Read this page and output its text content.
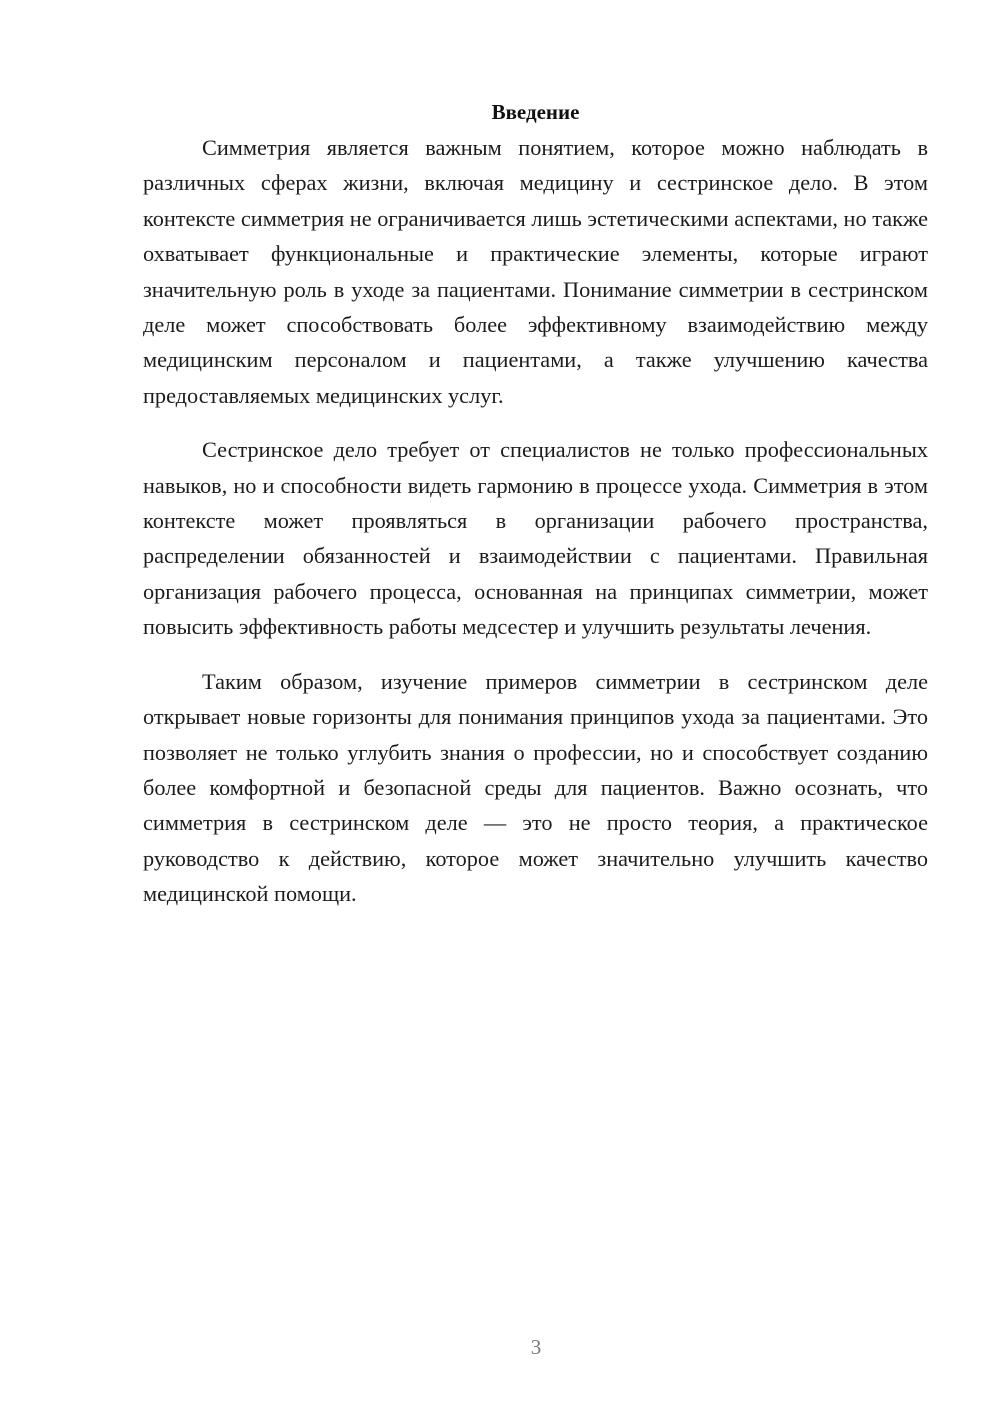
Введение

Симметрия является важным понятием, которое можно наблюдать в различных сферах жизни, включая медицину и сестринское дело. В этом контексте симметрия не ограничивается лишь эстетическими аспектами, но также охватывает функциональные и практические элементы, которые играют значительную роль в уходе за пациентами. Понимание симметрии в сестринском деле может способствовать более эффективному взаимодействию между медицинским персоналом и пациентами, а также улучшению качества предоставляемых медицинских услуг.

Сестринское дело требует от специалистов не только профессиональных навыков, но и способности видеть гармонию в процессе ухода. Симметрия в этом контексте может проявляться в организации рабочего пространства, распределении обязанностей и взаимодействии с пациентами. Правильная организация рабочего процесса, основанная на принципах симметрии, может повысить эффективность работы медсестер и улучшить результаты лечения.

Таким образом, изучение примеров симметрии в сестринском деле открывает новые горизонты для понимания принципов ухода за пациентами. Это позволяет не только углубить знания о профессии, но и способствует созданию более комфортной и безопасной среды для пациентов. Важно осознать, что симметрия в сестринском деле — это не просто теория, а практическое руководство к действию, которое может значительно улучшить качество медицинской помощи.

3
